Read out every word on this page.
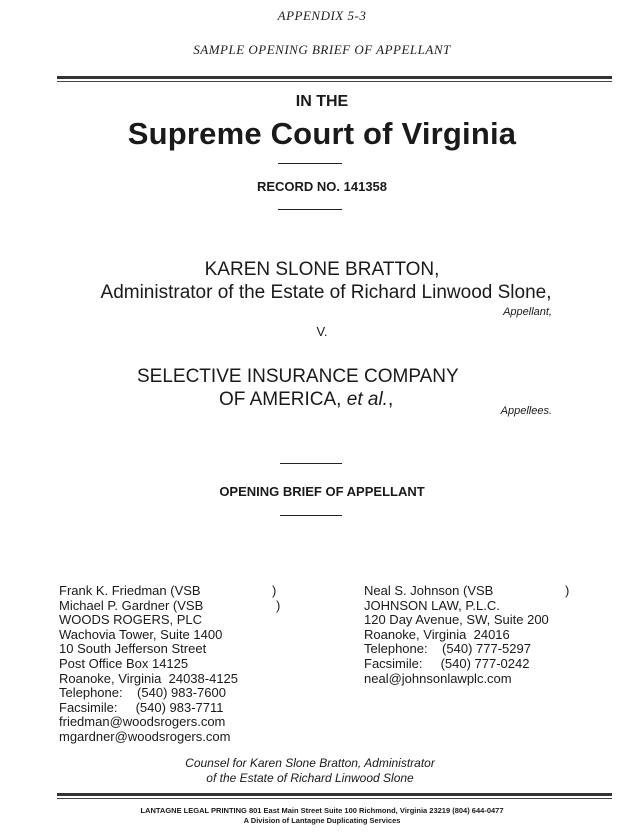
APPENDIX 5-3
SAMPLE OPENING BRIEF OF APPELLANT
IN THE
Supreme Court of Virginia
RECORD NO. 141358
KAREN SLONE BRATTON,
Administrator of the Estate of Richard Linwood Slone,
Appellant,
V.
SELECTIVE INSURANCE COMPANY
OF AMERICA, et al.,
Appellees.
OPENING BRIEF OF APPELLANT
Frank K. Friedman (VSB
Michael P. Gardner (VSB
WOODS ROGERS, PLC
Wachovia Tower, Suite 1400
10 South Jefferson Street
Post Office Box 14125
Roanoke, Virginia  24038-4125
Telephone:    (540) 983-7600
Facsimile:     (540) 983-7711
friedman@woodsrogers.com
mgardner@woodsrogers.com
)
)
Neal S. Johnson (VSB
JOHNSON LAW, P.L.C.
120 Day Avenue, SW, Suite 200
Roanoke, Virginia  24016
Telephone:    (540) 777-5297
Facsimile:     (540) 777-0242
neal@johnsonlawplc.com
)
Counsel for Karen Slone Bratton, Administrator
of the Estate of Richard Linwood Slone
LANTAGNE LEGAL PRINTING 801 East Main Street Suite 100 Richmond, Virginia 23219 (804) 644-0477
A Division of Lantagne Duplicating Services
